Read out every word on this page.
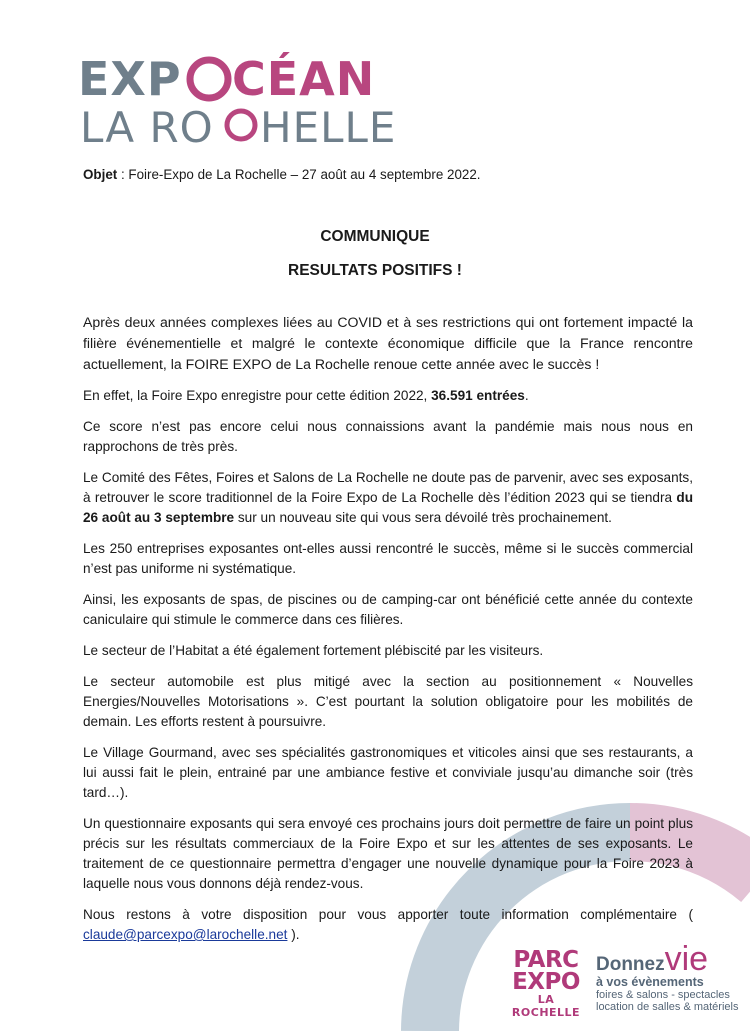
EXP CÉAN
LA RO HELLE
Objet : Foire-Expo de La Rochelle – 27 août au 4 septembre 2022.
COMMUNIQUE
RESULTATS POSITIFS !

Après deux années complexes liées au COVID et à ses restrictions qui ont fortement impacté la filière événementielle et malgré le contexte économique difficile que la France rencontre actuellement, la FOIRE EXPO de La Rochelle renoue cette année avec le succès !

En effet, la Foire Expo enregistre pour cette édition 2022, 36.591 entrées.

Ce score n’est pas encore celui nous connaissions avant la pandémie mais nous nous en rapprochons de très près.

Le Comité des Fêtes, Foires et Salons de La Rochelle ne doute pas de parvenir, avec ses exposants, à retrouver le score traditionnel de la Foire Expo de La Rochelle dès l’édition 2023 qui se tiendra du 26 août au 3 septembre sur un nouveau site qui vous sera dévoilé très prochainement.

Les 250 entreprises exposantes ont-elles aussi rencontré le succès, même si le succès commercial n’est pas uniforme ni systématique.

Ainsi, les exposants de spas, de piscines ou de camping-car ont bénéficié cette année du contexte caniculaire qui stimule le commerce dans ces filières.

Le secteur de l’Habitat a été également fortement plébiscité par les visiteurs.

Le secteur automobile est plus mitigé avec la section au positionnement « Nouvelles Energies/Nouvelles Motorisations ». C’est pourtant la solution obligatoire pour les mobilités de demain. Les efforts restent à poursuivre.

Le Village Gourmand, avec ses spécialités gastronomiques et viticoles ainsi que ses restaurants, a lui aussi fait le plein, entrainé par une ambiance festive et conviviale jusqu’au dimanche soir (très tard…).

Un questionnaire exposants qui sera envoyé ces prochains jours doit permettre de faire un point plus précis sur les résultats commerciaux de la Foire Expo et sur les attentes de ses exposants. Le traitement de ce questionnaire permettra d’engager une nouvelle dynamique pour la Foire 2023 à laquelle nous vous donnons déjà rendez-vous.

Nous restons à votre disposition pour vous apporter toute information complémentaire ( claude@parcexpo@larochelle.net ).

PARC
EXPO
LA ROCHELLE
Donnezvie
à vos évènements
foires & salons - spectacles
location de salles & matériels
